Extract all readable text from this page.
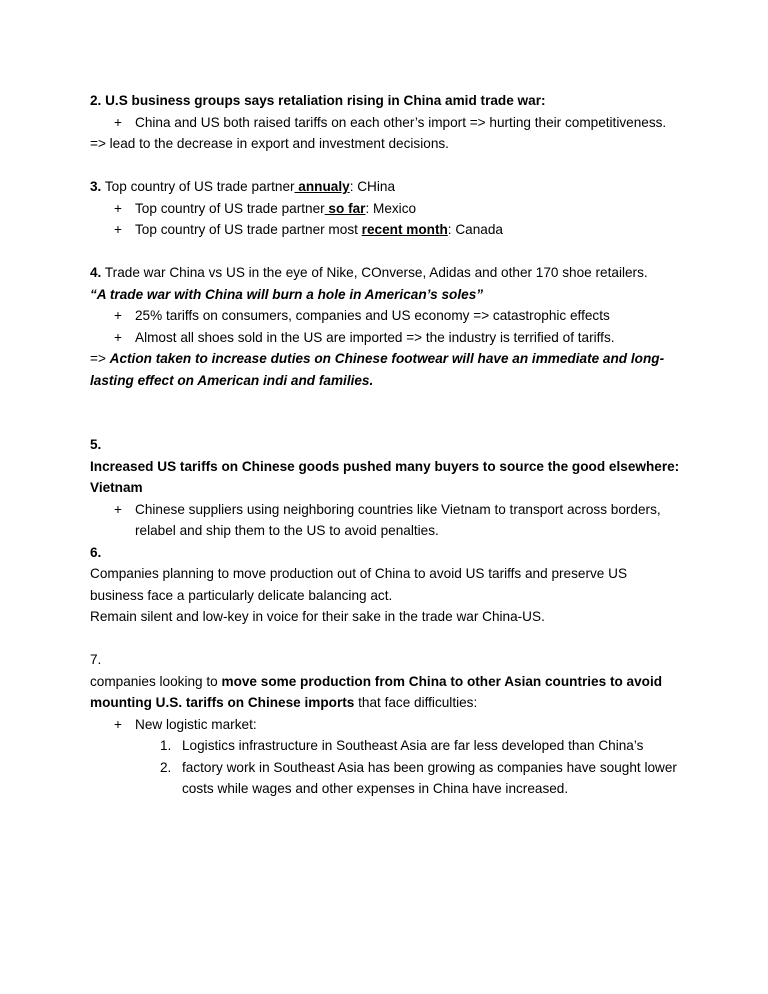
2. U.S business groups says retaliation rising in China amid trade war:

+ China and US both raised tariffs on each other’s import => hurting their competitiveness.

=> lead to the decrease in export and investment decisions.

3. Top country of US trade partner annualy: CHina

+ Top country of US trade partner so far: Mexico
+ Top country of US trade partner most recent month: Canada

4. Trade war China vs US in the eye of Nike, COnverse, Adidas and other 170 shoe retailers.

“A trade war with China will burn a hole in American’s soles”

+ 25% tariffs on consumers, companies and US economy => catastrophic effects
+ Almost all shoes sold in the US are imported => the industry is terrified of tariffs.

=> Action taken to increase duties on Chinese footwear will have an immediate and long-lasting effect on American indi and families.

5.

Increased US tariffs on Chinese goods pushed many buyers to source the good elsewhere: Vietnam

+ Chinese suppliers using neighboring countries like Vietnam to transport across borders, relabel and ship them to the US to avoid penalties.

6.

Companies planning to move production out of China to avoid US tariffs and preserve US business face a particularly delicate balancing act.

Remain silent and low-key in voice for their sake in the trade war China-US.

7.

companies looking to move some production from China to other Asian countries to avoid mounting U.S. tariffs on Chinese imports that face difficulties:

+ New logistic market:
1. Logistics infrastructure in Southeast Asia are far less developed than China’s
2. factory work in Southeast Asia has been growing as companies have sought lower costs while wages and other expenses in China have increased.
